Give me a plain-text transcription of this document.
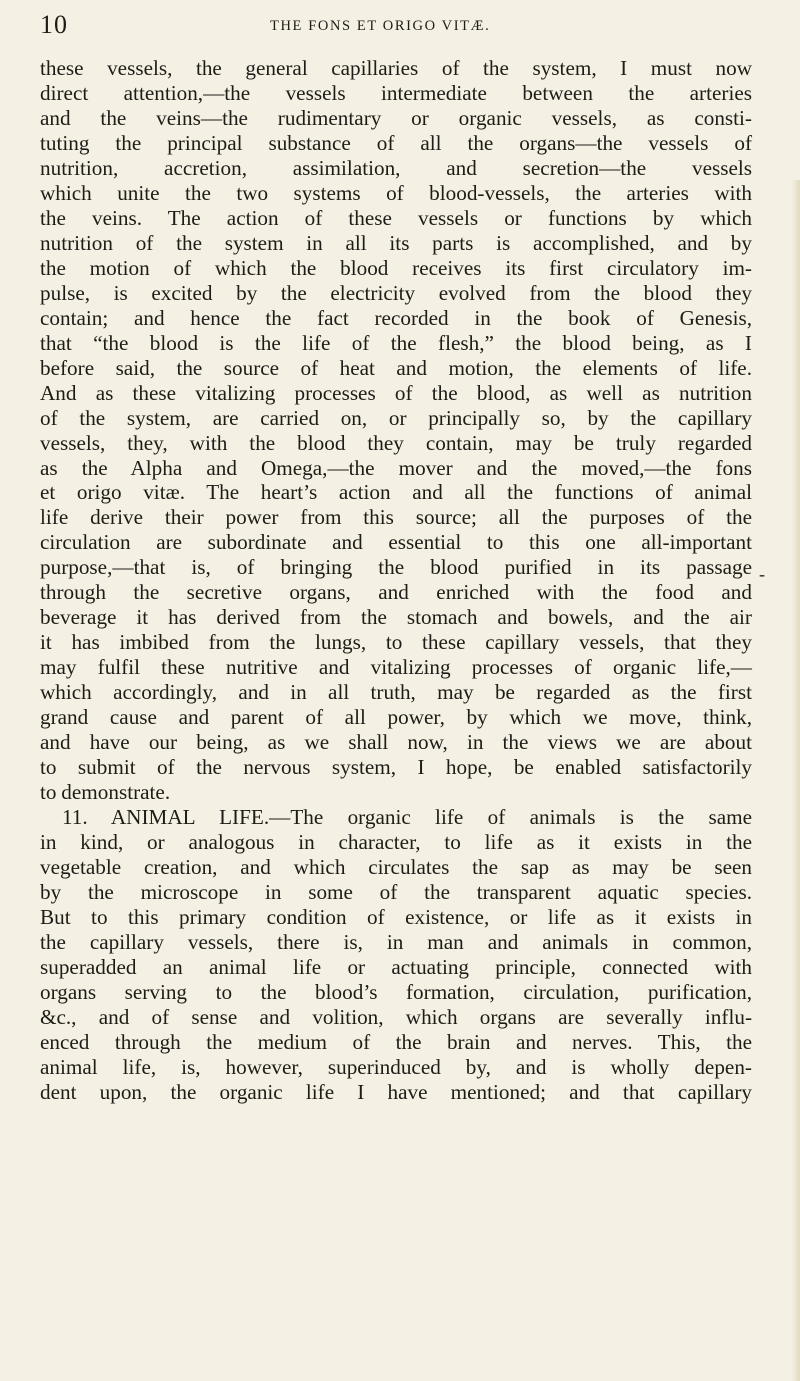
10	THE FONS ET ORIGO VITÆ.
these vessels, the general capillaries of the system, I must now
direct attention,—the vessels intermediate between the arteries
and the veins—the rudimentary or organic vessels, as consti-
tuting the principal substance of all the organs—the vessels of
nutrition, accretion, assimilation, and secretion—the vessels
which unite the two systems of blood-vessels, the arteries with
the veins. The action of these vessels or functions by which
nutrition of the system in all its parts is accomplished, and by
the motion of which the blood receives its first circulatory im-
pulse, is excited by the electricity evolved from the blood they
contain; and hence the fact recorded in the book of Genesis,
that “the blood is the life of the flesh,” the blood being, as I
before said, the source of heat and motion, the elements of life.
And as these vitalizing processes of the blood, as well as nutrition
of the system, are carried on, or principally so, by the capillary
vessels, they, with the blood they contain, may be truly regarded
as the Alpha and Omega,—the mover and the moved,—the fons
et origo vitæ. The heart’s action and all the functions of animal
life derive their power from this source; all the purposes of the
circulation are subordinate and essential to this one all-important
purpose,—that is, of bringing the blood purified in its passage
through the secretive organs, and enriched with the food and
beverage it has derived from the stomach and bowels, and the air
it has imbibed from the lungs, to these capillary vessels, that they
may fulfil these nutritive and vitalizing processes of organic life,—
which accordingly, and in all truth, may be regarded as the first
grand cause and parent of all power, by which we move, think,
and have our being, as we shall now, in the views we are about
to submit of the nervous system, I hope, be enabled satisfactorily
to demonstrate.
11. ANIMAL LIFE.—The organic life of animals is the same
in kind, or analogous in character, to life as it exists in the
vegetable creation, and which circulates the sap as may be seen
by the microscope in some of the transparent aquatic species.
But to this primary condition of existence, or life as it exists in
the capillary vessels, there is, in man and animals in common,
superadded an animal life or actuating principle, connected with
organs serving to the blood’s formation, circulation, purification,
&c., and of sense and volition, which organs are severally influ-
enced through the medium of the brain and nerves. This, the
animal life, is, however, superinduced by, and is wholly depen-
dent upon, the organic life I have mentioned; and that capillary
-
